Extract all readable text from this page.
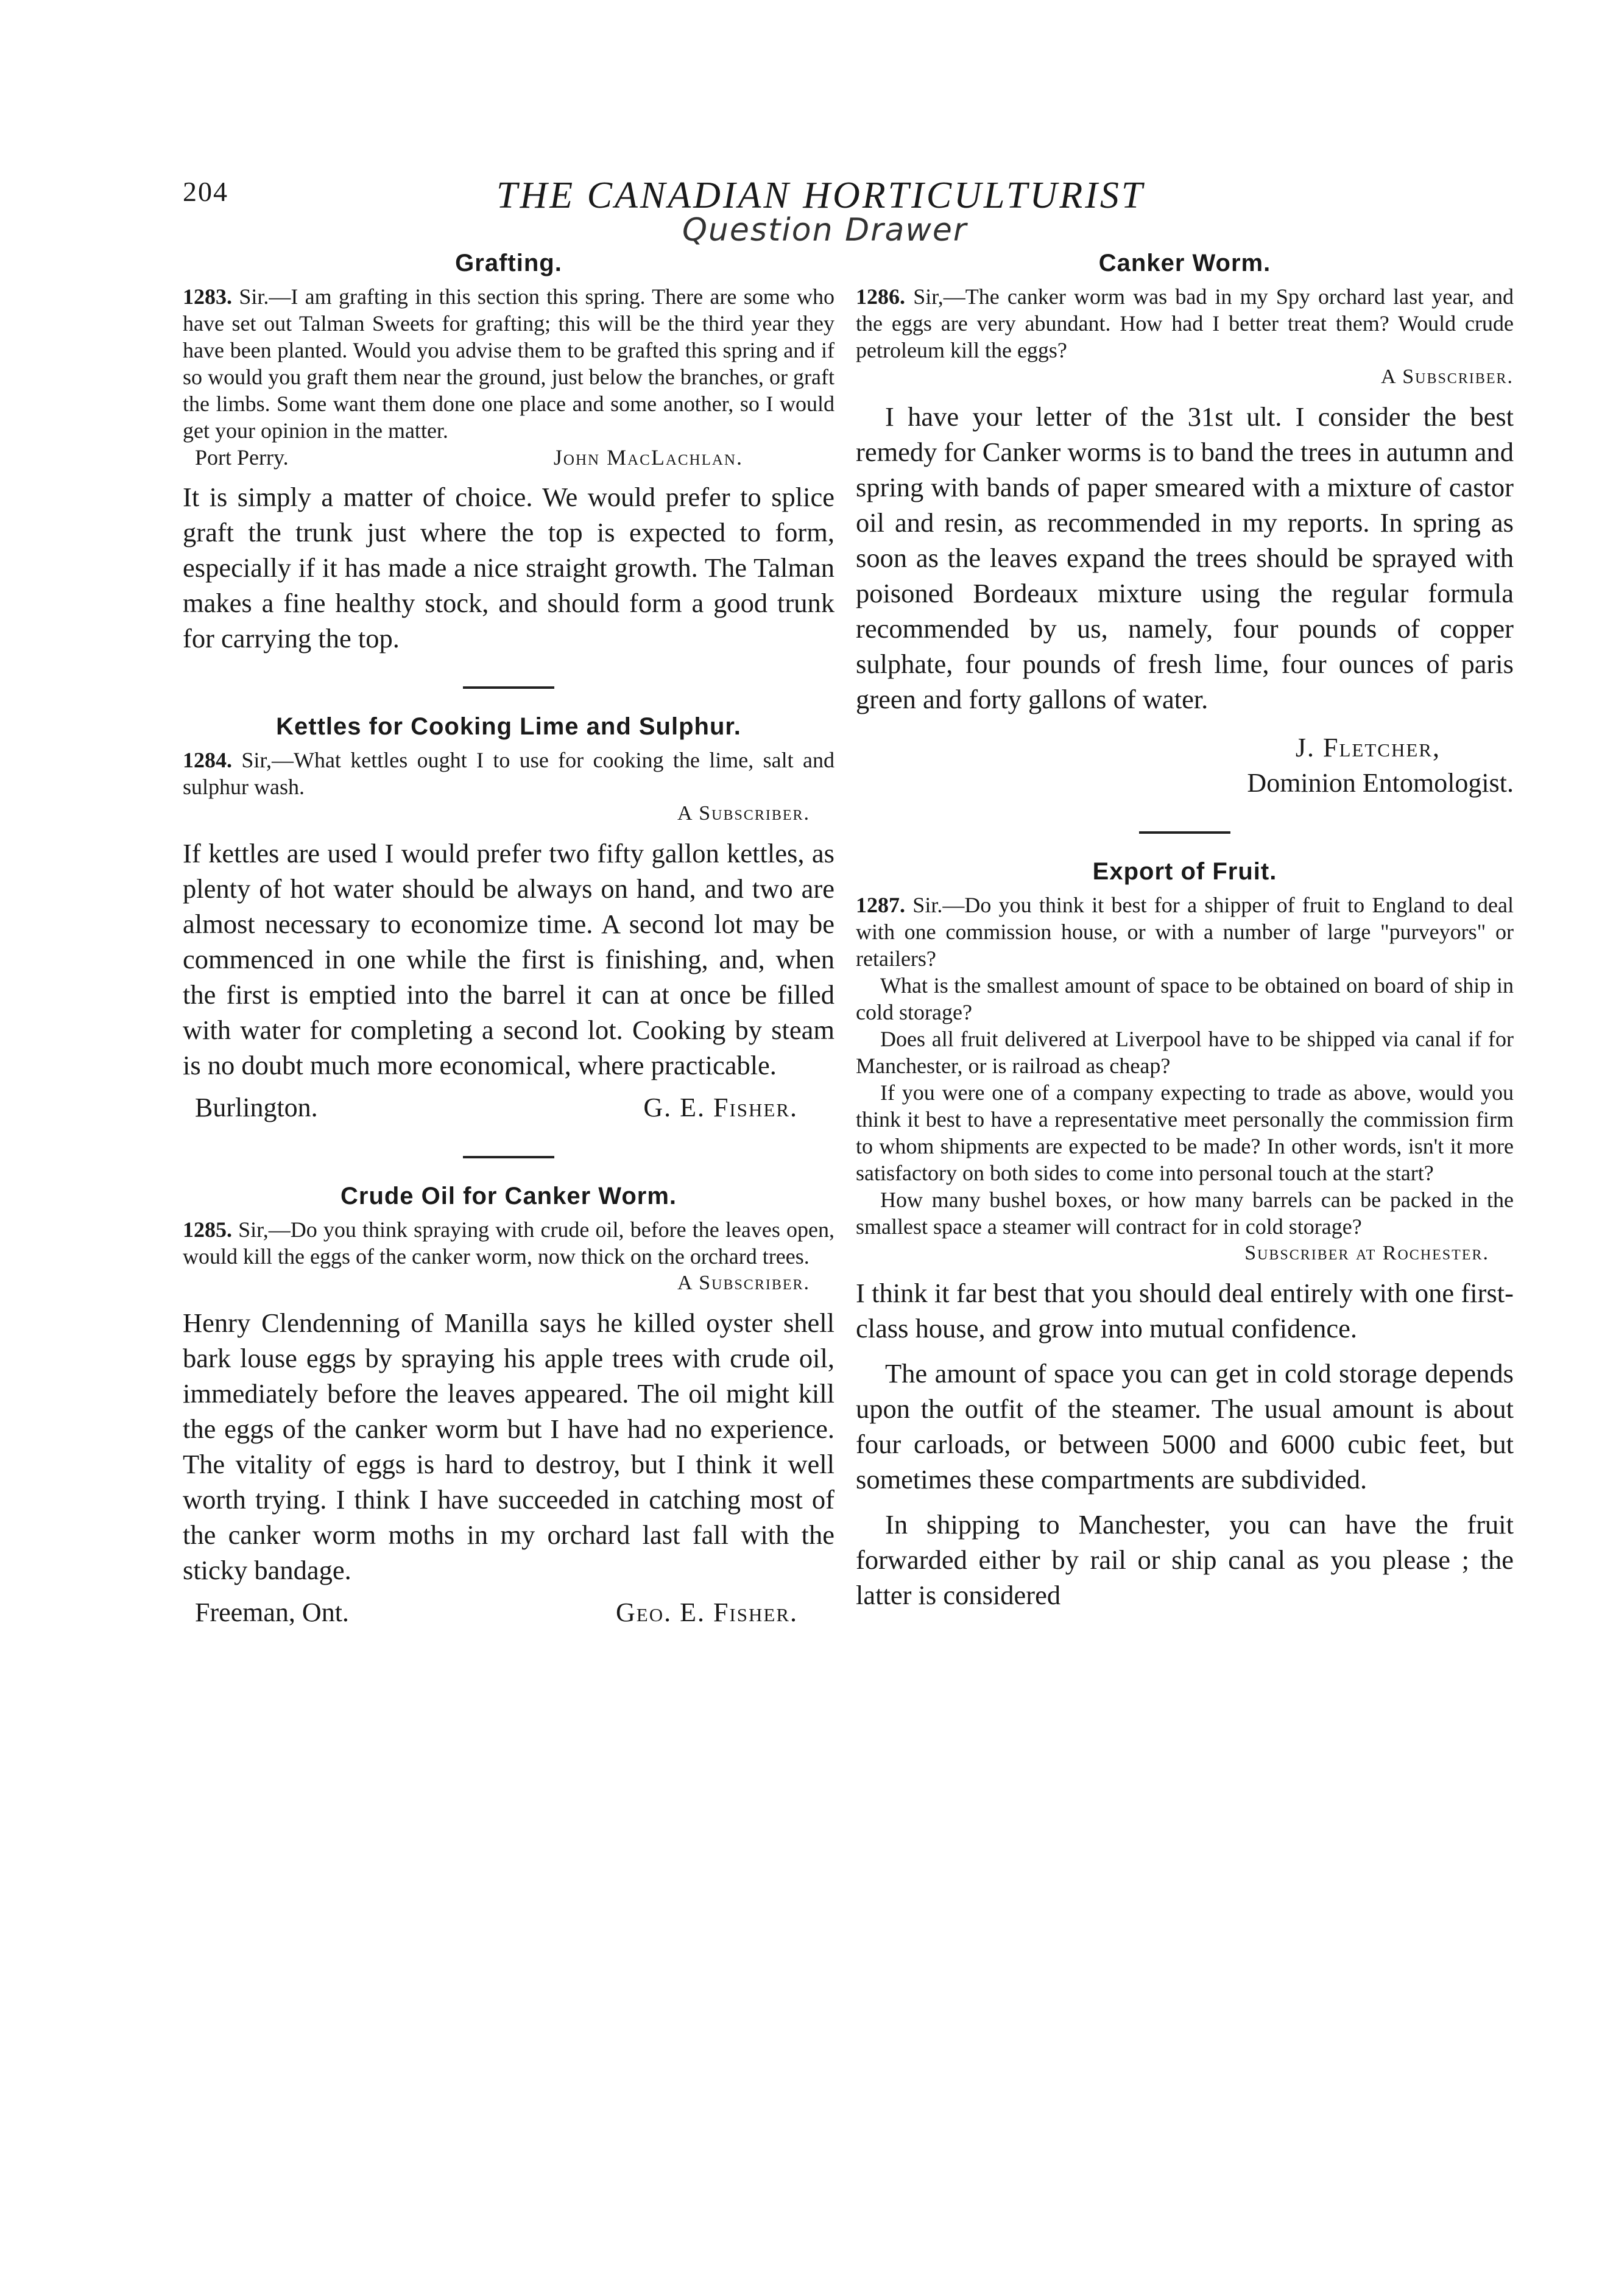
204	THE CANADIAN HORTICULTURIST
Question Drawer
Grafting.

1283. Sir.—I am grafting in this section this spring. There are some who have set out Talman Sweets for grafting; this will be the third year they have been planted. Would you advise them to be grafted this spring and if so would you graft them near the ground, just below the branches, or graft the limbs. Some want them done one place and some another, so I would get your opinion in the matter.

Port Perry.	John MacLachlan.

It is simply a matter of choice. We would prefer to splice graft the trunk just where the top is expected to form, especially if it has made a nice straight growth. The Talman makes a fine healthy stock, and should form a good trunk for carrying the top.

Kettles for Cooking Lime and Sulphur.

1284. Sir,—What kettles ought I to use for cooking the lime, salt and sulphur wash.

A Subscriber.

If kettles are used I would prefer two fifty gallon kettles, as plenty of hot water should be always on hand, and two are almost necessary to economize time. A second lot may be commenced in one while the first is finishing, and, when the first is emptied into the barrel it can at once be filled with water for completing a second lot. Cooking by steam is no doubt much more economical, where practicable.

Burlington.	G. E. Fisher.
Crude Oil for Canker Worm.

1285. Sir,—Do you think spraying with crude oil, before the leaves open, would kill the eggs of the canker worm, now thick on the orchard trees.

A Subscriber.

Henry Clendenning of Manilla says he killed oyster shell bark louse eggs by spraying his apple trees with crude oil, immediately before the leaves appeared. The oil might kill the eggs of the canker worm but I have had no experience. The vitality of eggs is hard to destroy, but I think it well worth trying. I think I have succeeded in catching most of the canker worm moths in my orchard last fall with the sticky bandage.

Freeman, Ont.	Geo. E. Fisher.
Canker Worm.

1286. Sir,—The canker worm was bad in my Spy orchard last year, and the eggs are very abundant. How had I better treat them? Would crude petroleum kill the eggs?

A Subscriber.

I have your letter of the 31st ult. I consider the best remedy for Canker worms is to band the trees in autumn and spring with bands of paper smeared with a mixture of castor oil and resin, as recommended in my reports. In spring as soon as the leaves expand the trees should be sprayed with poisoned Bordeaux mixture using the regular formula recommended by us, namely, four pounds of copper sulphate, four pounds of fresh lime, four ounces of paris green and forty gallons of water.

J. Fletcher,

Dominion Entomologist.

Export of Fruit.

1287. Sir.—Do you think it best for a shipper of fruit to England to deal with one commission house, or with a number of large "purveyors" or retailers?

What is the smallest amount of space to be obtained on board of ship in cold storage?

Does all fruit delivered at Liverpool have to be shipped via canal if for Manchester, or is railroad as cheap?

If you were one of a company expecting to trade as above, would you think it best to have a representative meet personally the commission firm to whom shipments are expected to be made? In other words, isn't it more satisfactory on both sides to come into personal touch at the start?

How many bushel boxes, or how many barrels can be packed in the smallest space a steamer will contract for in cold storage?

Subscriber at Rochester.

I think it far best that you should deal entirely with one first-class house, and grow into mutual confidence.

The amount of space you can get in cold storage depends upon the outfit of the steamer. The usual amount is about four carloads, or between 5000 and 6000 cubic feet, but sometimes these compartments are subdivided.

In shipping to Manchester, you can have the fruit forwarded either by rail or ship canal as you please ; the latter is considered
